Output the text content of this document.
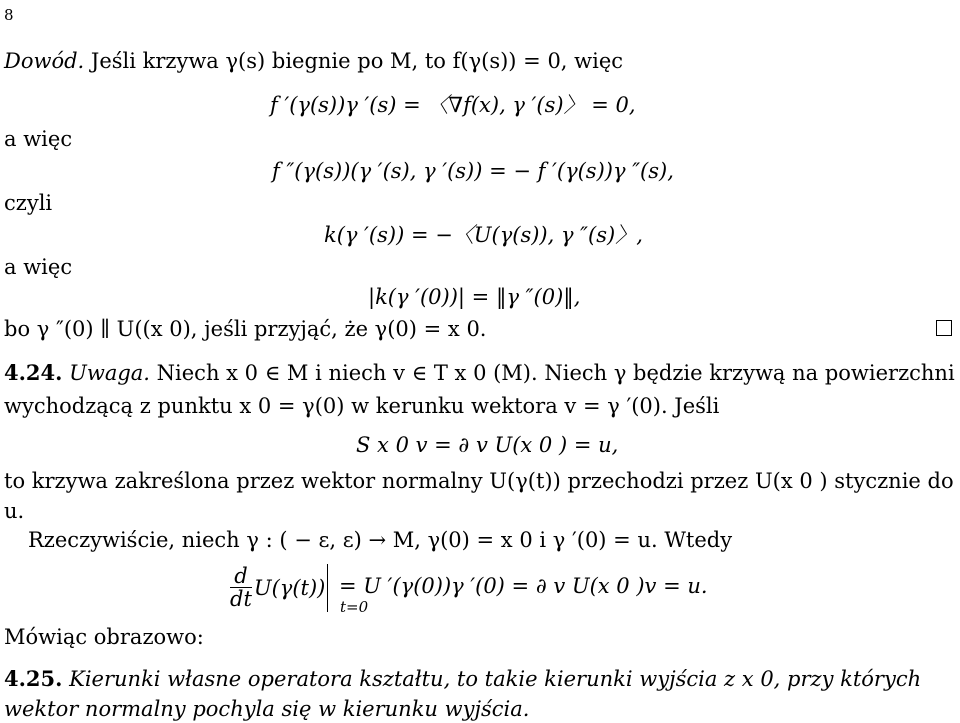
8
Dowód. Jeśli krzywa γ(s) biegnie po M, to f(γ(s)) = 0, więc
f ′(γ(s))γ ′(s) = 〈∇f(x), γ ′(s)〉 = 0,
a więc
f ″(γ(s))(γ ′(s), γ ′(s)) = − f ′(γ(s))γ ″(s),
czyli
k(γ ′(s)) = −〈U(γ(s)), γ ″(s)〉,
a więc
|k(γ ′(0))| = ‖γ ″(0)‖,
bo γ ″(0) ∥ U((x 0), jeśli przyjąć, że γ(0) = x 0.
4.24. Uwaga. Niech x 0 ∈ M i niech v ∈ T x 0 (M). Niech γ będzie krzywą na powierzchni
wychodzącą z punktu x 0 = γ(0) w kerunku wektora v = γ ′(0). Jeśli
S x 0 v = ∂ v U(x 0 ) = u,
to krzywa zakreślona przez wektor normalny U(γ(t)) przechodzi przez U(x 0 ) stycznie do
u.
Rzeczywiście, niech γ : ( − ε, ε) → M, γ(0) = x 0 i γ ′(0) = u. Wtedy
$\frac{d}{dt} U(\gamma(t)) = U$ ′(γ(0))γ ′(0) = ∂ v U(x 0 )v = u.
t=0
Mówiąc obrazowo:
4.25. Kierunki własne operatora kształtu, to takie kierunki wyjścia z x 0, przy których
wektor normalny pochyla się w kierunku wyjścia.
